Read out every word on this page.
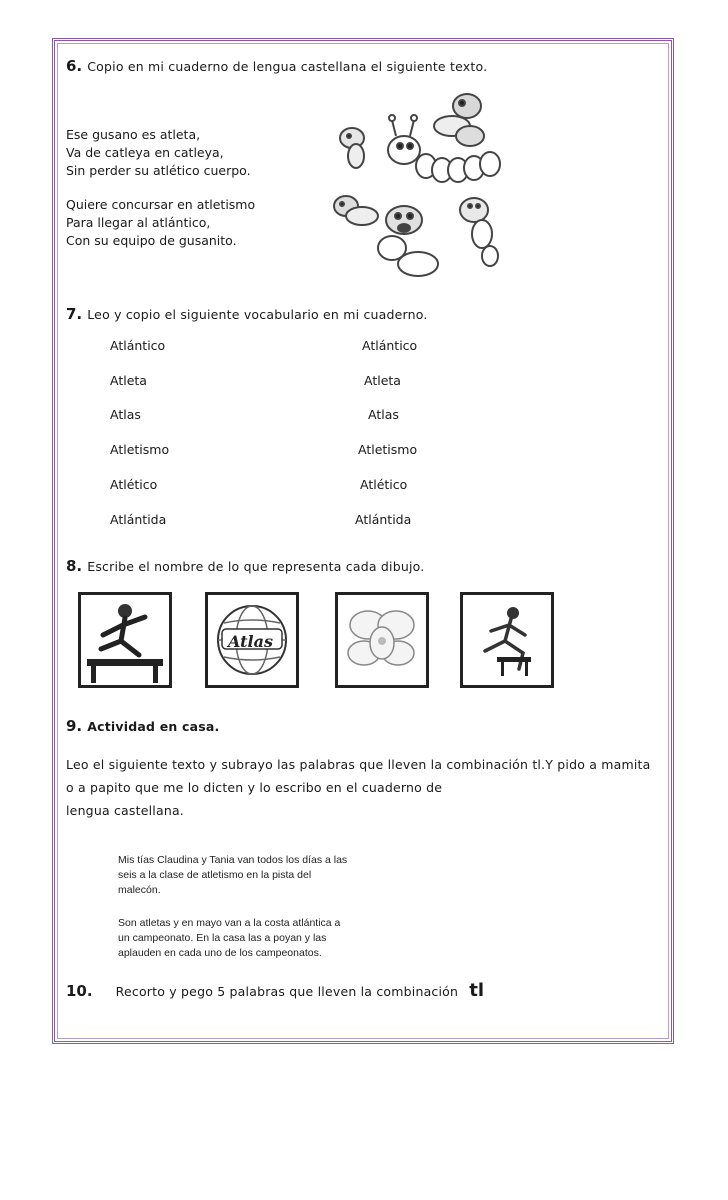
6. Copio en mi cuaderno de lengua castellana el siguiente texto.
Ese gusano es atleta,
Va de catleya en catleya,
Sin perder su atlético cuerpo.
Quiere concursar en atletismo
Para llegar al atlántico,
Con su equipo de gusanito.
7. Leo y copio el siguiente vocabulario en mi cuaderno.
Atlántico	Atlántico
Atleta	Atleta
Atlas	Atlas
Atletismo	Atletismo
Atlético	Atlético
Atlántida	Atlántida
8. Escribe el nombre de lo que representa cada dibujo.
Atlas
9. Actividad en casa.
Leo el siguiente texto y subrayo las palabras que lleven la combinación tl.Y pido a mamita
o a papito que me lo dicten y lo escribo en el cuaderno de
lengua castellana.
Mis tías Claudina y Tania van todos los días a las
seis a la clase de atletismo en la pista del
malecón.
Son atletas y en mayo van a la costa atlántica a
un campeonato. En la casa las a poyan y las
aplauden en cada uno de los campeonatos.
10. Recorto y pego 5 palabras que lleven la combinación tl
